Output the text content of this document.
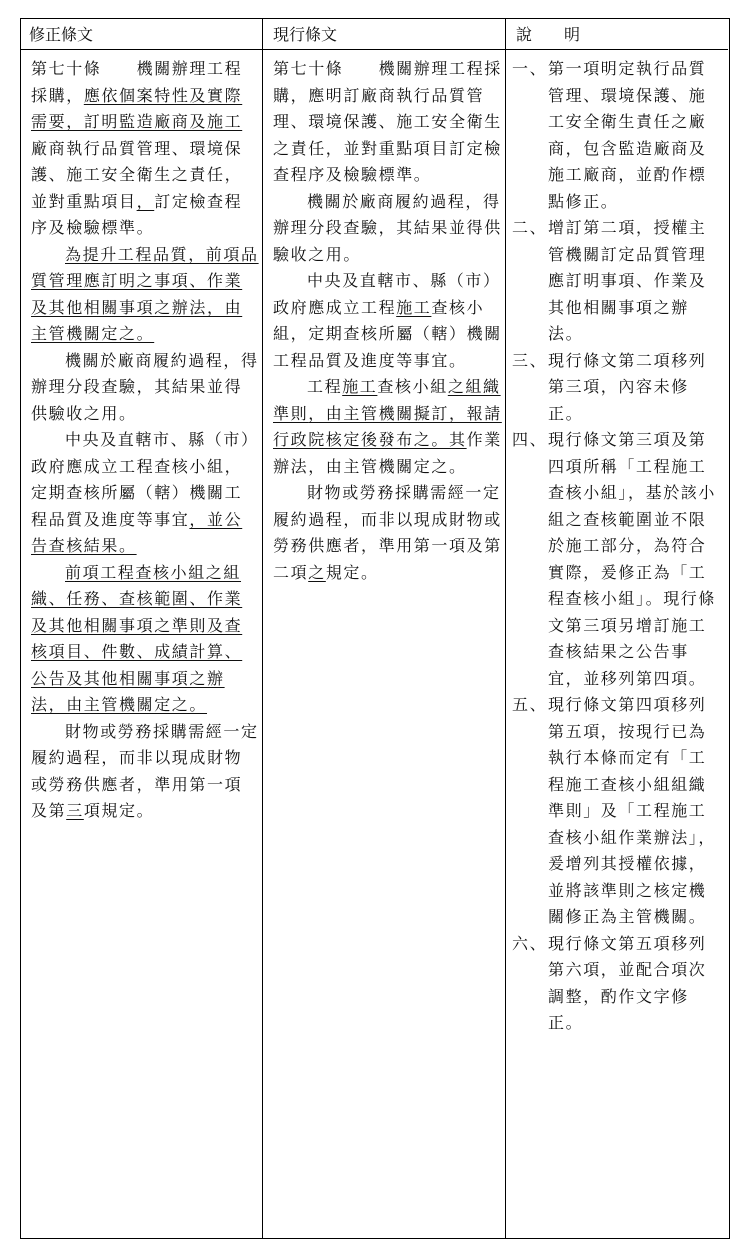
修正條文	現行條文	說　　明

第七十條　　機關辦理工程採購，應依個案特性及實際需要，訂明監造廠商及施工廠商執行品質管理、環境保護、施工安全衛生之責任，並對重點項目，訂定檢查程序及檢驗標準。

為提升工程品質，前項品質管理應訂明之事項、作業及其他相關事項之辦法，由主管機關定之。

機關於廠商履約過程，得辦理分段查驗，其結果並得供驗收之用。

中央及直轄市、縣（市）政府應成立工程查核小組，定期查核所屬（轄）機關工程品質及進度等事宜，並公告查核結果。

前項工程查核小組之組織、任務、查核範圍、作業及其他相關事項之準則及查核項目、件數、成績計算、公告及其他相關事項之辦法，由主管機關定之。

財物或勞務採購需經一定履約過程，而非以現成財物或勞務供應者，準用第一項及第三項規定。

第七十條　　機關辦理工程採購，應明訂廠商執行品質管理、環境保護、施工安全衛生之責任，並對重點項目訂定檢查程序及檢驗標準。

機關於廠商履約過程，得辦理分段查驗，其結果並得供驗收之用。

中央及直轄市、縣（市）政府應成立工程施工查核小組，定期查核所屬（轄）機關工程品質及進度等事宜。

工程施工查核小組之組織準則，由主管機關擬訂，報請行政院核定後發布之。其作業辦法，由主管機關定之。

財物或勞務採購需經一定履約過程，而非以現成財物或勞務供應者，準用第一項及第二項之規定。

一、 第一項明定執行品質管理、環境保護、施工安全衛生責任之廠商，包含監造廠商及施工廠商，並酌作標點修正。
二、 增訂第二項，授權主管機關訂定品質管理應訂明事項、作業及其他相關事項之辦法。
三、 現行條文第二項移列第三項，內容未修正。
四、 現行條文第三項及第四項所稱「工程施工查核小組」，基於該小組之查核範圍並不限於施工部分，為符合實際，爰修正為「工程查核小組」。現行條文第三項另增訂施工查核結果之公告事宜，並移列第四項。
五、 現行條文第四項移列第五項，按現行已為執行本條而定有「工程施工查核小組組織準則」及「工程施工查核小組作業辦法」，爰增列其授權依據，並將該準則之核定機關修正為主管機關。
六、 現行條文第五項移列第六項，並配合項次調整，酌作文字修正。
